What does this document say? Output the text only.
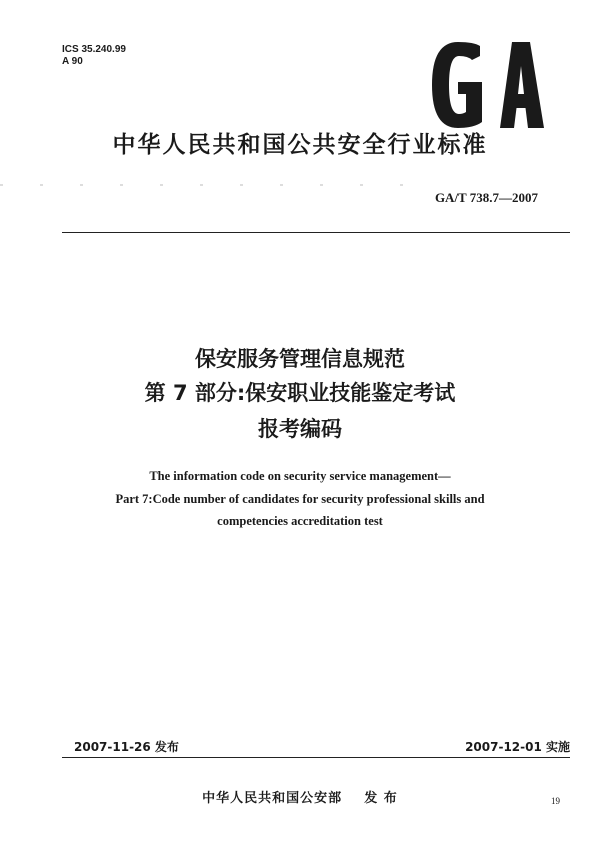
ICS 35.240.99
A 90
中华人民共和国公共安全行业标准
GA/T 738.7—2007
保安服务管理信息规范
第 7 部分:保安职业技能鉴定考试
报考编码
The information code on security service management—
Part 7:Code number of candidates for security professional skills and
competencies accreditation test
2007-11-26 发布	2007-12-01 实施
中华人民共和国公安部    发 布	19
